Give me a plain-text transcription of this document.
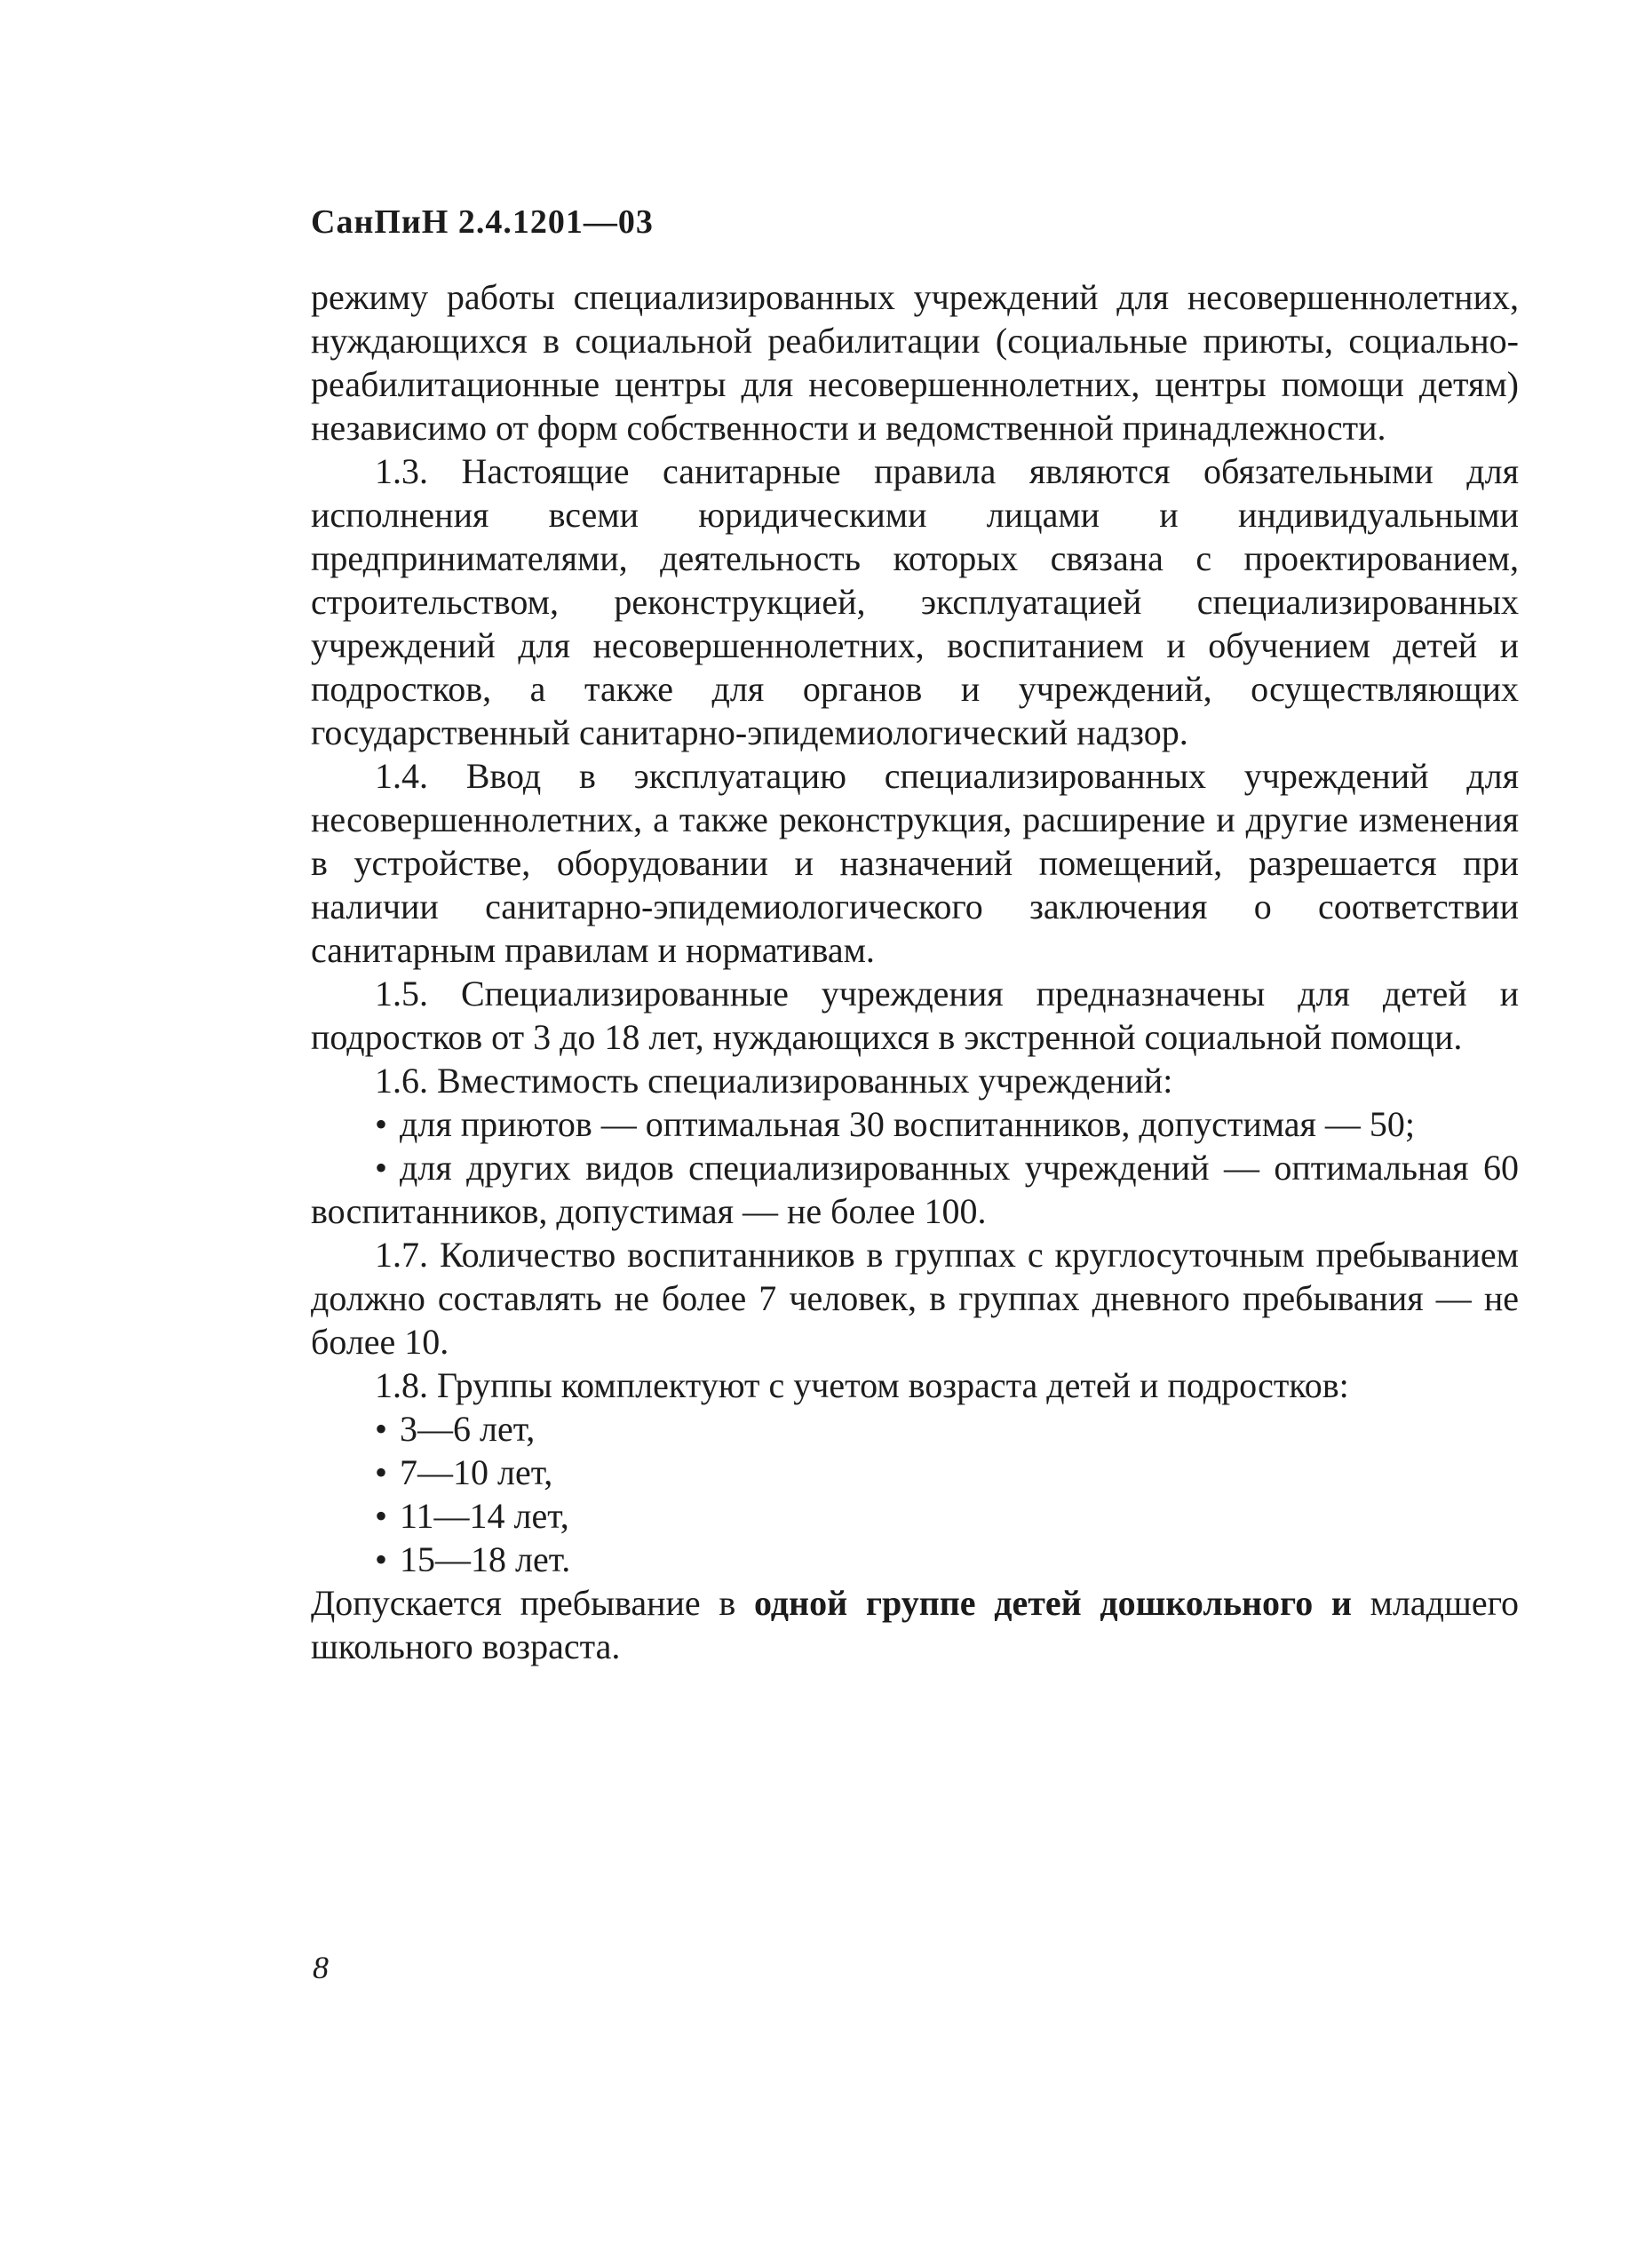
СанПиН 2.4.1201—03

режиму работы специализированных учреждений для несовершеннолетних, нуждающихся в социальной реабилитации (социальные приюты, социально-реабилитационные центры для несовершеннолетних, центры помощи детям) независимо от форм собственности и ведомственной принадлежности.

1.3. Настоящие санитарные правила являются обязательными для исполнения всеми юридическими лицами и индивидуальными предпринимателями, деятельность которых связана с проектированием, строительством, реконструкцией, эксплуатацией специализированных учреждений для несовершеннолетних, воспитанием и обучением детей и подростков, а также для органов и учреждений, осуществляющих государственный санитарно-эпидемиологический надзор.

1.4. Ввод в эксплуатацию специализированных учреждений для несовершеннолетних, а также реконструкция, расширение и другие изменения в устройстве, оборудовании и назначений помещений, разрешается при наличии санитарно-эпидемиологического заключения о соответствии санитарным правилам и нормативам.

1.5. Специализированные учреждения предназначены для детей и подростков от 3 до 18 лет, нуждающихся в экстренной социальной помощи.

1.6. Вместимость специализированных учреждений:

• для приютов — оптимальная 30 воспитанников, допустимая — 50;

• для других видов специализированных учреждений — оптимальная 60 воспитанников, допустимая — не более 100.

1.7. Количество воспитанников в группах с круглосуточным пребыванием должно составлять не более 7 человек, в группах дневного пребывания — не более 10.

1.8. Группы комплектуют с учетом возраста детей и подростков:

• 3—6 лет,

• 7—10 лет,

• 11—14 лет,

• 15—18 лет.

Допускается пребывание в одной группе детей дошкольного и младшего школьного возраста.

8
